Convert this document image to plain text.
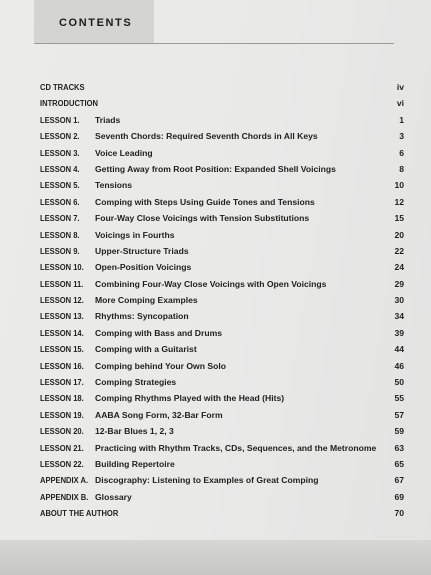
CONTENTS
CD TRACKS	iv
INTRODUCTION	vi
LESSON 1. Triads	1
LESSON 2. Seventh Chords: Required Seventh Chords in All Keys	3
LESSON 3. Voice Leading	6
LESSON 4. Getting Away from Root Position: Expanded Shell Voicings	8
LESSON 5. Tensions	10
LESSON 6. Comping with Steps Using Guide Tones and Tensions	12
LESSON 7. Four-Way Close Voicings with Tension Substitutions	15
LESSON 8. Voicings in Fourths	20
LESSON 9. Upper-Structure Triads	22
LESSON 10. Open-Position Voicings	24
LESSON 11. Combining Four-Way Close Voicings with Open Voicings	29
LESSON 12. More Comping Examples	30
LESSON 13. Rhythms: Syncopation	34
LESSON 14. Comping with Bass and Drums	39
LESSON 15. Comping with a Guitarist	44
LESSON 16. Comping behind Your Own Solo	46
LESSON 17. Comping Strategies	50
LESSON 18. Comping Rhythms Played with the Head (Hits)	55
LESSON 19. AABA Song Form, 32-Bar Form	57
LESSON 20. 12-Bar Blues 1, 2, 3	59
LESSON 21. Practicing with Rhythm Tracks, CDs, Sequences, and the Metronome 63
LESSON 22. Building Repertoire	65
APPENDIX A. Discography: Listening to Examples of Great Comping	67
APPENDIX B. Glossary	69
ABOUT THE AUTHOR	70
